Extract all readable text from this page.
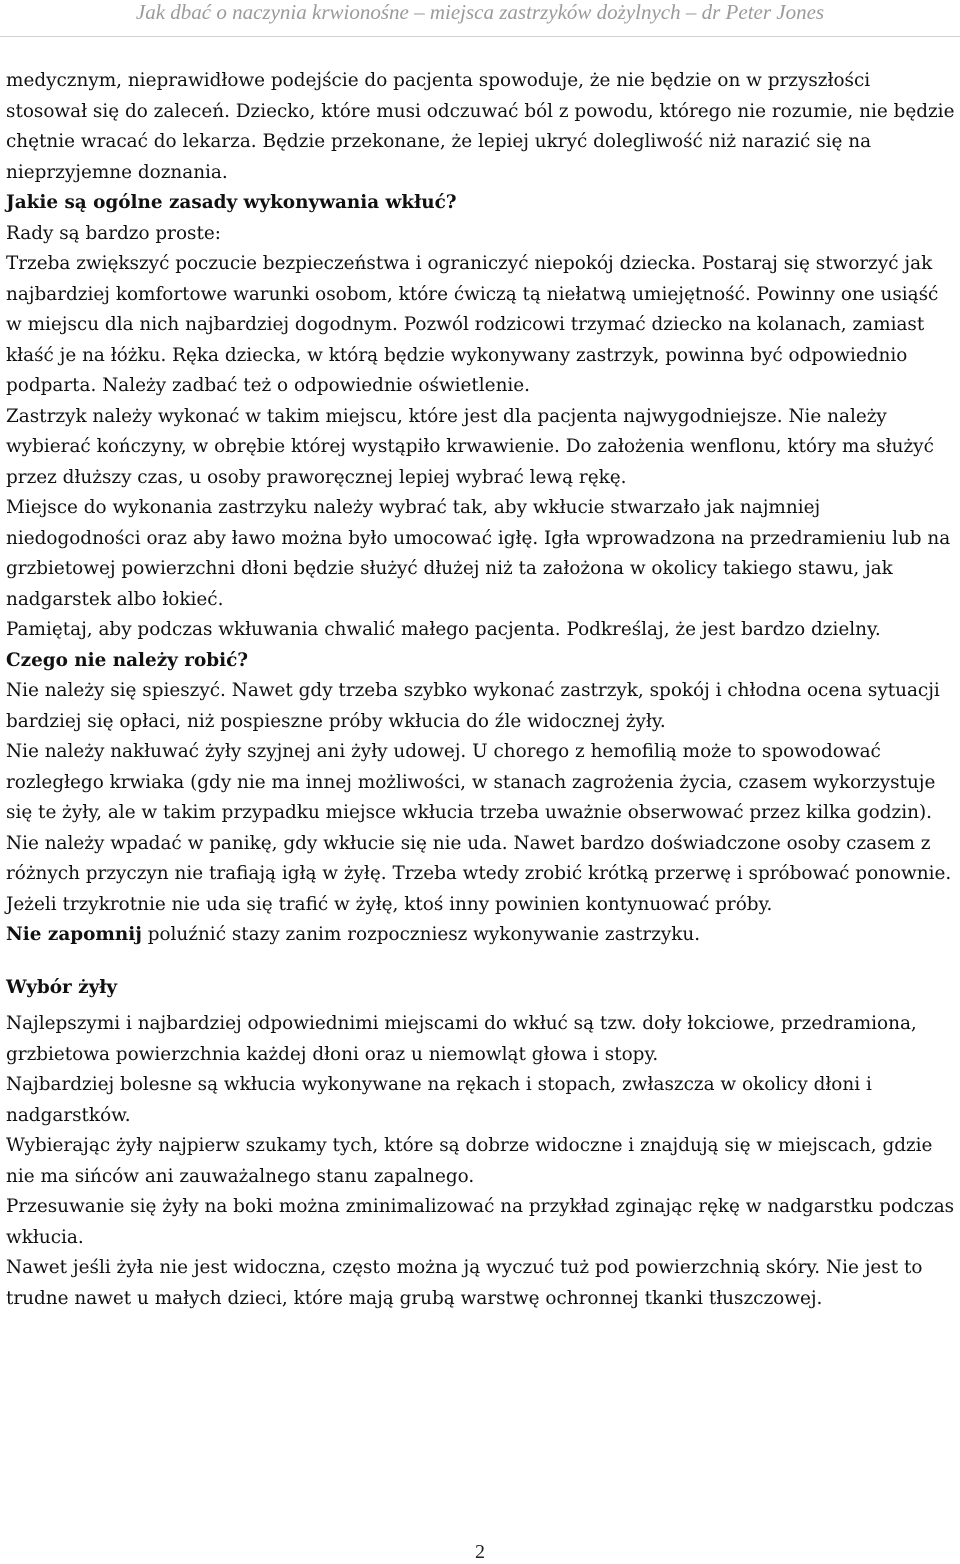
Jak dbać o naczynia krwionośne – miejsca zastrzyków dożylnych – dr Peter Jones

medycznym, nieprawidłowe podejście do pacjenta spowoduje, że nie będzie on w przyszłości stosował się do zaleceń. Dziecko, które musi odczuwać ból z powodu, którego nie rozumie, nie będzie chętnie wracać do lekarza. Będzie przekonane, że lepiej ukryć dolegliwość niż narazić się na nieprzyjemne doznania.

Jakie są ogólne zasady wykonywania wkłuć?

Rady są bardzo proste:

Trzeba zwiększyć poczucie bezpieczeństwa i ograniczyć niepokój dziecka. Postaraj się stworzyć jak najbardziej komfortowe warunki osobom, które ćwiczą tą niełatwą umiejętność. Powinny one usiąść w miejscu dla nich najbardziej dogodnym. Pozwól rodzicowi trzymać dziecko na kolanach, zamiast kłaść je na łóżku. Ręka dziecka, w którą będzie wykonywany zastrzyk, powinna być odpowiednio podparta. Należy zadbać też o odpowiednie oświetlenie.

Zastrzyk należy wykonać w takim miejscu, które jest dla pacjenta najwygodniejsze. Nie należy wybierać kończyny, w obrębie której wystąpiło krwawienie. Do założenia wenflonu, który ma służyć przez dłuższy czas, u osoby praworęcznej lepiej wybrać lewą rękę.

Miejsce do wykonania zastrzyku należy wybrać tak, aby wkłucie stwarzało jak najmniej niedogodności oraz aby ławo można było umocować igłę. Igła wprowadzona na przedramieniu lub na grzbietowej powierzchni dłoni będzie służyć dłużej niż ta założona w okolicy takiego stawu, jak nadgarstek albo łokieć.

Pamiętaj, aby podczas wkłuwania chwalić małego pacjenta. Podkreślaj, że jest bardzo dzielny.

Czego nie należy robić?

Nie należy się spieszyć. Nawet gdy trzeba szybko wykonać zastrzyk, spokój i chłodna ocena sytuacji bardziej się opłaci, niż pospieszne próby wkłucia do źle widocznej żyły.

Nie należy nakłuwać żyły szyjnej ani żyły udowej. U chorego z hemofilią może to spowodować rozległego krwiaka (gdy nie ma innej możliwości, w stanach zagrożenia życia, czasem wykorzystuje się te żyły, ale w takim przypadku miejsce wkłucia trzeba uważnie obserwować przez kilka godzin).

Nie należy wpadać w panikę, gdy wkłucie się nie uda. Nawet bardzo doświadczone osoby czasem z różnych przyczyn nie trafiają igłą w żyłę. Trzeba wtedy zrobić krótką przerwę i spróbować ponownie. Jeżeli trzykrotnie nie uda się trafić w żyłę, ktoś inny powinien kontynuować próby.

Nie zapomnij poluźnić stazy zanim rozpoczniesz wykonywanie zastrzyku.

Wybór żyły

Najlepszymi i najbardziej odpowiednimi miejscami do wkłuć są tzw. doły łokciowe, przedramiona, grzbietowa powierzchnia każdej dłoni oraz u niemowląt głowa i stopy.

Najbardziej bolesne są wkłucia wykonywane na rękach i stopach, zwłaszcza w okolicy dłoni i nadgarstków.

Wybierając żyły najpierw szukamy tych, które są dobrze widoczne i znajdują się w miejscach, gdzie nie ma sińców ani zauważalnego stanu zapalnego.

Przesuwanie się żyły na boki można zminimalizować na przykład zginając rękę w nadgarstku podczas wkłucia.

Nawet jeśli żyła nie jest widoczna, często można ją wyczuć tuż pod powierzchnią skóry. Nie jest to trudne nawet u małych dzieci, które mają grubą warstwę ochronnej tkanki tłuszczowej.

2
